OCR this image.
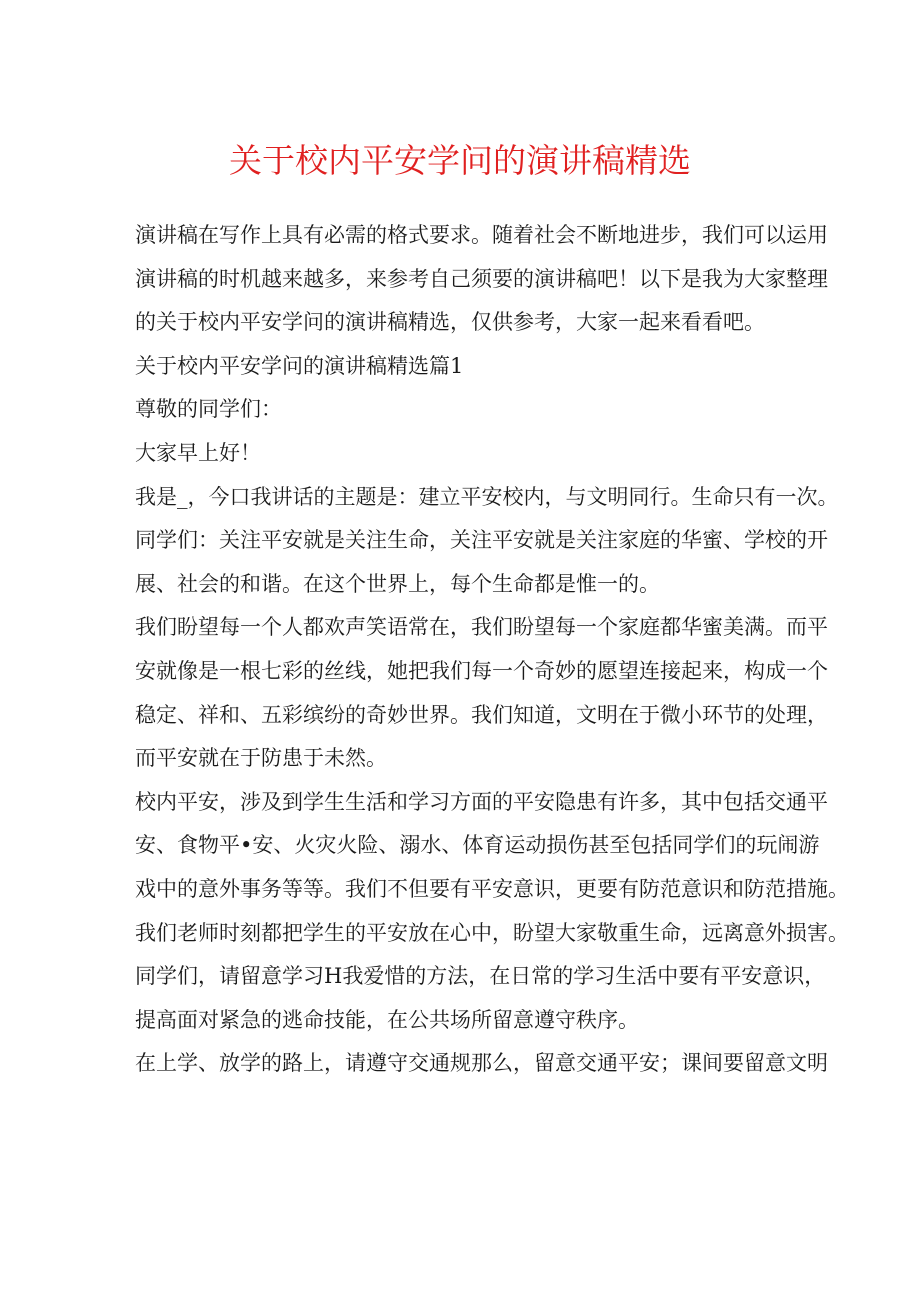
关于校内平安学问的演讲稿精选

演讲稿在写作上具有必需的格式要求。随着社会不断地进步，我们可以运用

演讲稿的时机越来越多，来参考自己须要的演讲稿吧！以下是我为大家整理

的关于校内平安学问的演讲稿精选，仅供参考，大家一起来看看吧。

关于校内平安学问的演讲稿精选篇1

尊敬的同学们：

大家早上好！

我是_，今口我讲话的主题是：建立平安校内，与文明同行。生命只有一次。

同学们：关注平安就是关注生命，关注平安就是关注家庭的华蜜、学校的开

展、社会的和谐。在这个世界上，每个生命都是惟一的。

我们盼望每一个人都欢声笑语常在，我们盼望每一个家庭都华蜜美满。而平

安就像是一根七彩的丝线，她把我们每一个奇妙的愿望连接起来，构成一个

稳定、祥和、五彩缤纷的奇妙世界。我们知道，文明在于微小环节的处理，

而平安就在于防患于未然。

校内平安，涉及到学生生活和学习方面的平安隐患有许多，其中包括交通平

安、食物平•安、火灾火险、溺水、体育运动损伤甚至包括同学们的玩闹游

戏中的意外事务等等。我们不但要有平安意识，更要有防范意识和防范措施。

我们老师时刻都把学生的平安放在心中，盼望大家敬重生命，远离意外损害。

同学们，请留意学习H我爱惜的方法，在日常的学习生活中要有平安意识，

提高面对紧急的逃命技能，在公共场所留意遵守秩序。

在上学、放学的路上，请遵守交通规那么，留意交通平安；课间要留意文明
